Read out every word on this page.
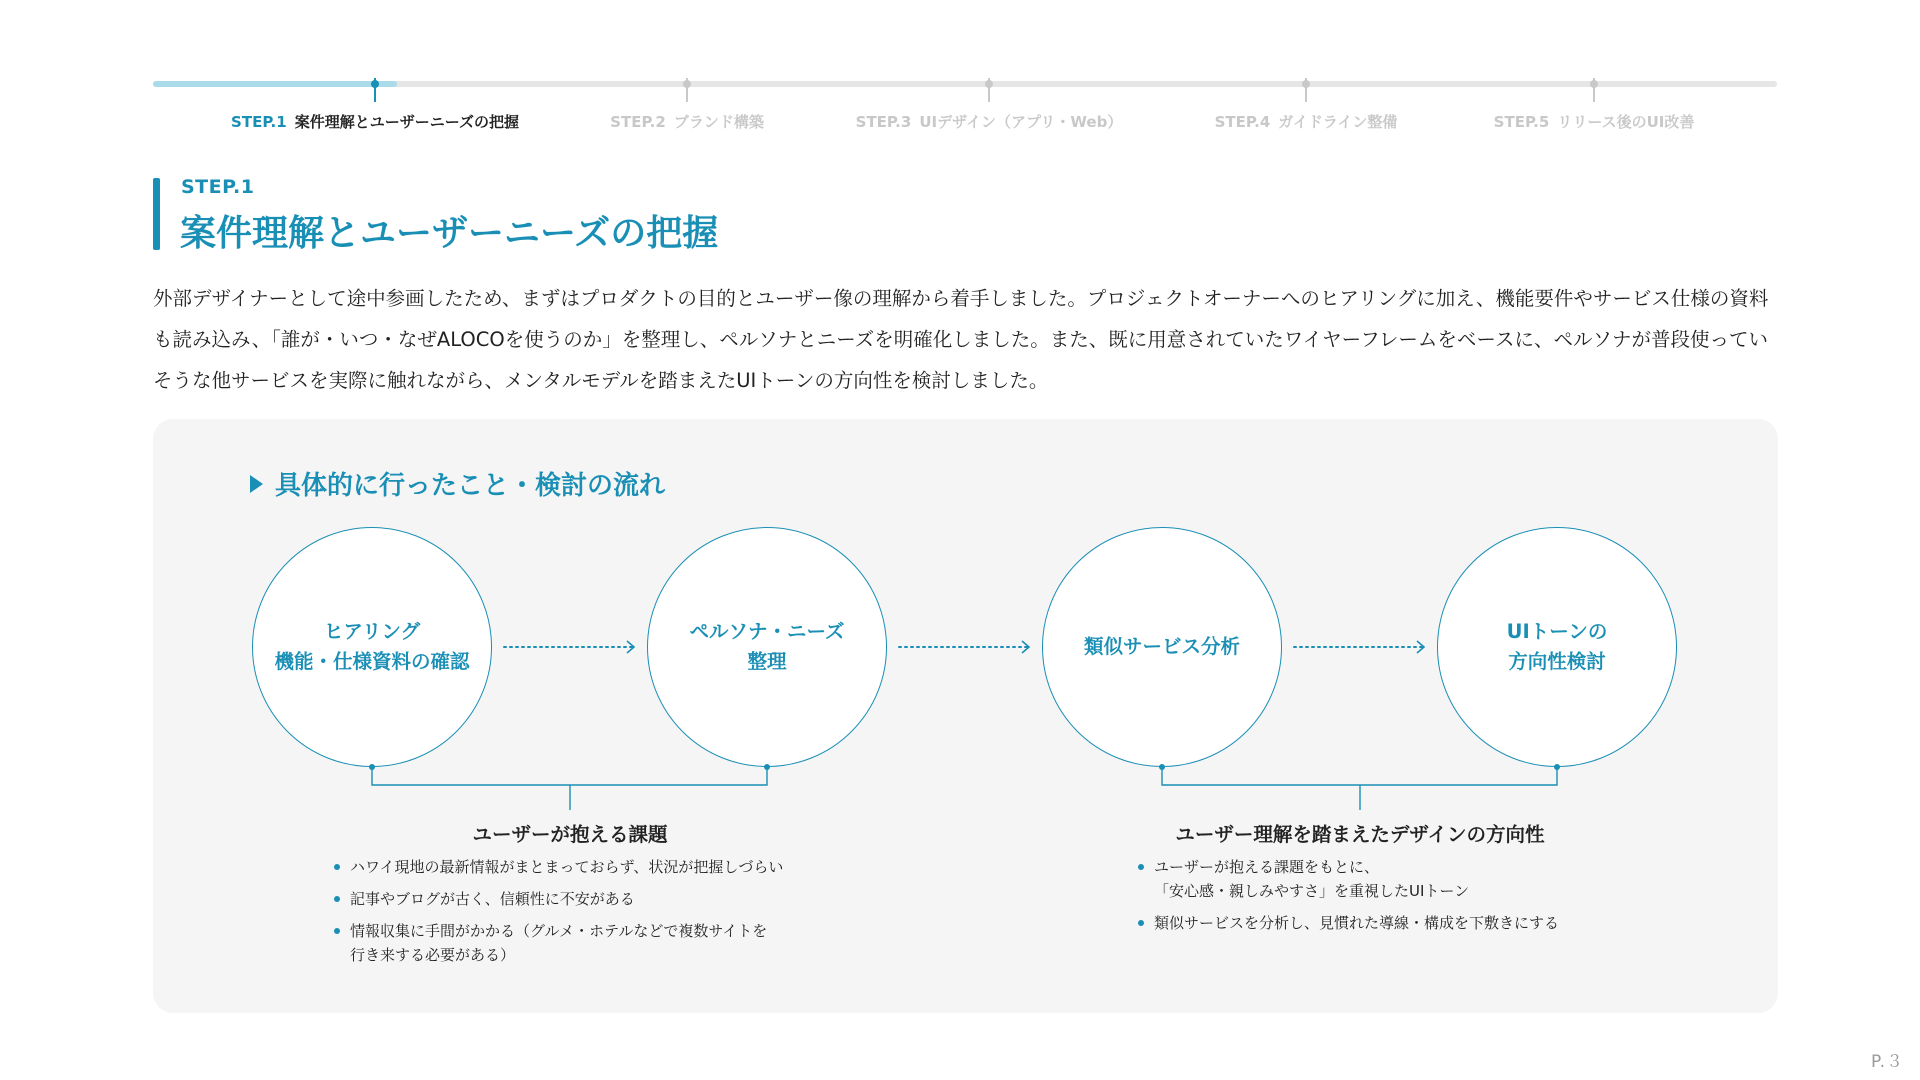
STEP.1 案件理解とユーザーニーズの把握	STEP.2 ブランド構築	STEP.3 UIデザイン（アプリ・Web）	STEP.4 ガイドライン整備	STEP.5 リリース後のUI改善
STEP.1
案件理解とユーザーニーズの把握

外部デザイナーとして途中参画したため、まずはプロダクトの目的とユーザー像の理解から着手しました。プロジェクトオーナーへのヒアリングに加え、機能要件やサービス仕様の資料も読み込み、「誰が・いつ・なぜALOCOを使うのか」を整理し、ペルソナとニーズを明確化しました。また、既に用意されていたワイヤーフレームをベースに、ペルソナが普段使っていそうな他サービスを実際に触れながら、メンタルモデルを踏まえたUIトーンの方向性を検討しました。

具体的に行ったこと・検討の流れ
ヒアリング
機能・仕様資料の確認
ペルソナ・ニーズ
整理
類似サービス分析
UIトーンの
方向性検討
ユーザーが抱える課題
ハワイ現地の最新情報がまとまっておらず、状況が把握しづらい
記事やブログが古く、信頼性に不安がある
情報収集に手間がかかる（グルメ・ホテルなどで複数サイトを
行き来する必要がある）
ユーザー理解を踏まえたデザインの方向性
ユーザーが抱える課題をもとに、
「安心感・親しみやすさ」を重視したUIトーン
類似サービスを分析し、見慣れた導線・構成を下敷きにする
P.３
